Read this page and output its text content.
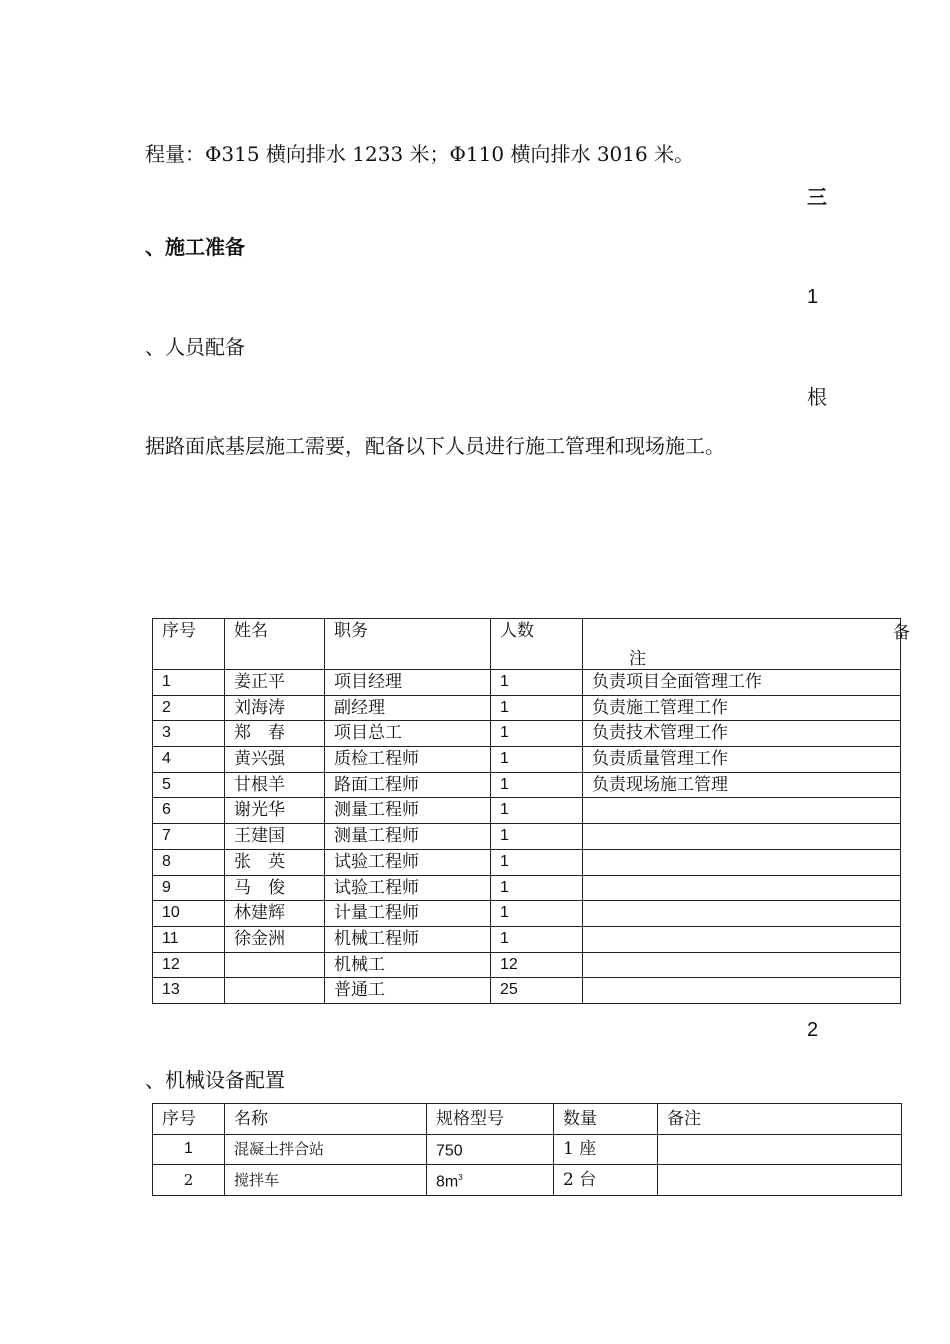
程量：Φ315 横向排水 1233 米；Φ110 横向排水 3016 米。
三
、施工准备
1
、人员配备
根
据路面底基层施工需要，配备以下人员进行施工管理和现场施工。
序号	姓名	职务	人数	备
注

1	姜正平	项目经理	1	负责项目全面管理工作
2	刘海涛	副经理	1	负责施工管理工作
3	郑　春	项目总工	1	负责技术管理工作
4	黄兴强	质检工程师	1	负责质量管理工作
5	甘根羊	路面工程师	1	负责现场施工管理
6	谢光华	测量工程师	1	
7	王建国	测量工程师	1	
8	张　英	试验工程师	1	
9	马　俊	试验工程师	1	
10	林建辉	计量工程师	1	
11	徐金洲	机械工程师	1	
12		机械工	12	
13		普通工	25	
2
、机械设备配置
序号	名称	规格型号	数量	备注
1	混凝土拌合站	750	1 座	
2	搅拌车	$8m^3$	2 台	
